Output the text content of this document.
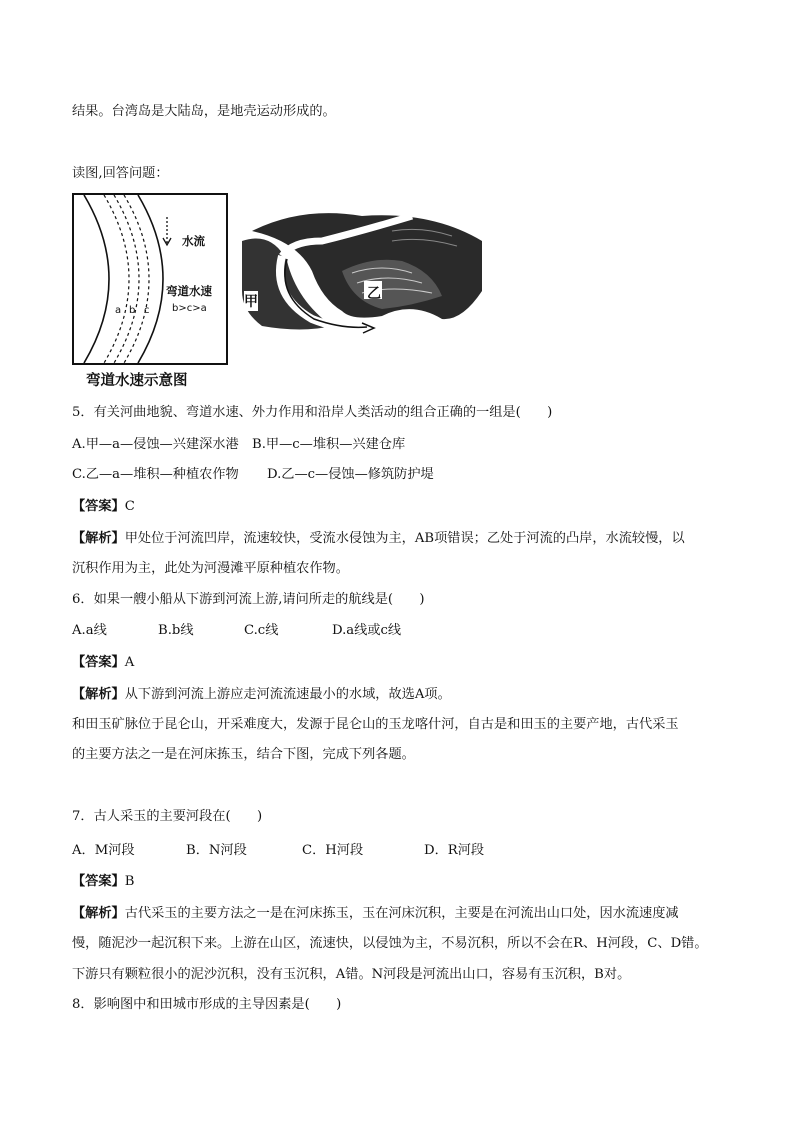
结果。台湾岛是大陆岛，是地壳运动形成的。
读图,回答问题：
a b c
水流
弯道水速
b>c>a
弯道水速示意图
甲	乙
5．有关河曲地貌、弯道水速、外力作用和沿岸人类活动的组合正确的一组是(　　)
A.甲—a—侵蚀—兴建深水港 B.甲—c—堆积—兴建仓库
C.乙—a—堆积—种植农作物 D.乙—c—侵蚀—修筑防护堤
【答案】C
【解析】甲处位于河流凹岸，流速较快，受流水侵蚀为主，AB项错误；乙处于河流的凸岸，水流较慢，以
沉积作用为主，此处为河漫滩平原种植农作物。
6．如果一艘小船从下游到河流上游,请问所走的航线是(　　)
A.a线	B.b线	C.c线	D.a线或c线
【答案】A
【解析】从下游到河流上游应走河流流速最小的水域，故选A项。
和田玉矿脉位于昆仑山，开采难度大，发源于昆仑山的玉龙喀什河，自古是和田玉的主要产地，古代采玉
的主要方法之一是在河床拣玉，结合下图，完成下列各题。
7．古人采玉的主要河段在(　　)
A．M河段	B．N河段	C．H河段	D．R河段
【答案】B
【解析】古代采玉的主要方法之一是在河床拣玉，玉在河床沉积，主要是在河流出山口处，因水流速度减
慢，随泥沙一起沉积下来。上游在山区，流速快，以侵蚀为主，不易沉积，所以不会在R、H河段，C、D错。
下游只有颗粒很小的泥沙沉积，没有玉沉积，A错。N河段是河流出山口，容易有玉沉积，B对。
8．影响图中和田城市形成的主导因素是(　　)
